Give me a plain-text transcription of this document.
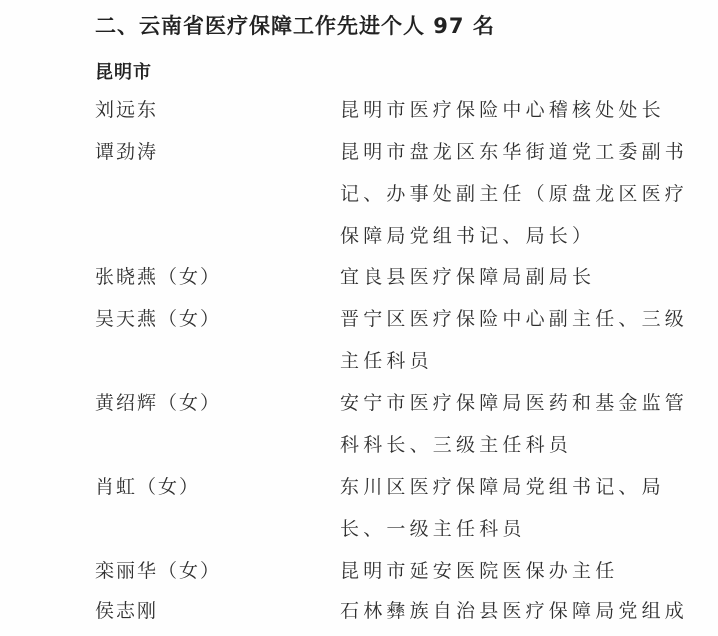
二、云南省医疗保障工作先进个人 97 名
昆明市
刘远东	昆明市医疗保险中心稽核处处长
谭劲涛	昆明市盘龙区东华街道党工委副书
记、办事处副主任（原盘龙区医疗
保障局党组书记、局长）
张晓燕（女）	宜良县医疗保障局副局长
吴天燕（女）	晋宁区医疗保险中心副主任、三级
主任科员
黄绍辉（女）	安宁市医疗保障局医药和基金监管
科科长、三级主任科员
肖虹（女）	东川区医疗保障局党组书记、局
长、一级主任科员
栾丽华（女）	昆明市延安医院医保办主任
侯志刚	石林彝族自治县医疗保障局党组成
